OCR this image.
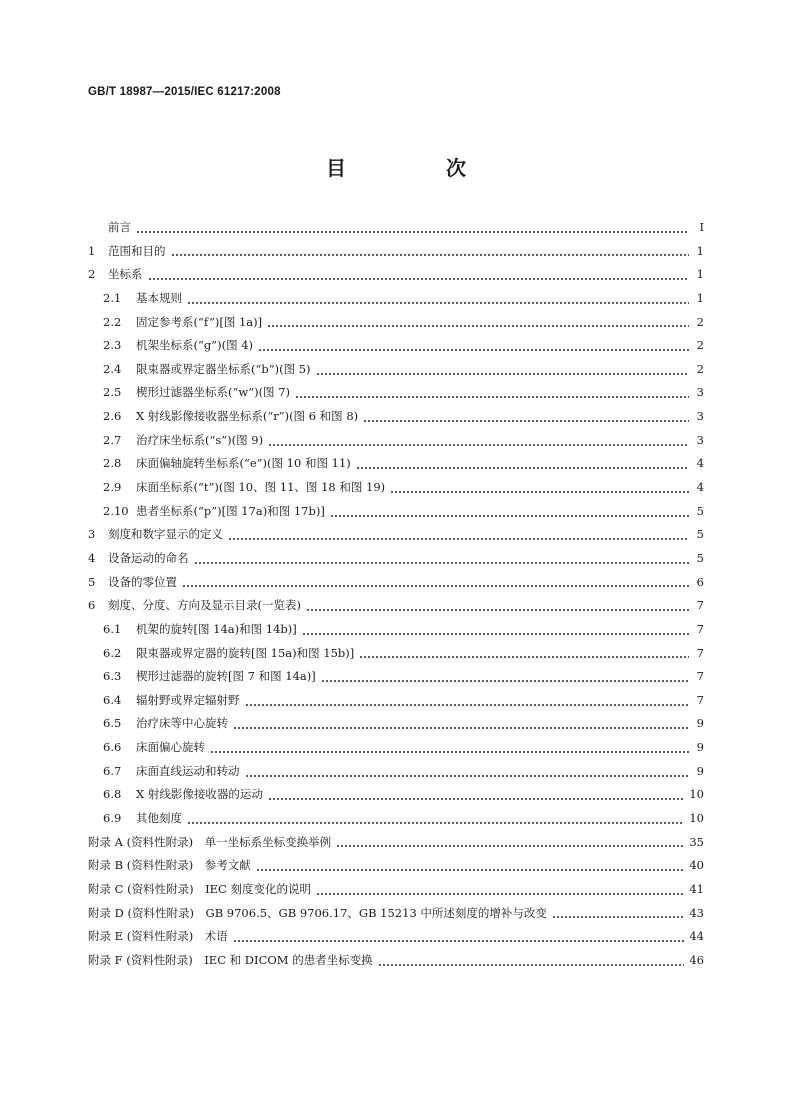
GB/T 18987—2015/IEC 61217:2008
目　次
前言	Ⅰ
1	范围和目的	1
2	坐标系	1
2.1	基本规则	1
2.2	固定参考系(“f”)[图 1a)]	2
2.3	机架坐标系(“g”)(图 4)	2
2.4	限束器或界定器坐标系(“b”)(图 5)	2
2.5	楔形过滤器坐标系(“w”)(图 7)	3
2.6	X 射线影像接收器坐标系(“r”)(图 6 和图 8)	3
2.7	治疗床坐标系(“s”)(图 9)	3
2.8	床面偏轴旋转坐标系(“e”)(图 10 和图 11)	4
2.9	床面坐标系(“t”)(图 10、图 11、图 18 和图 19)	4
2.10 患者坐标系(“p”)[图 17a)和图 17b)]	5
3	刻度和数字显示的定义	5
4	设备运动的命名	5
5	设备的零位置	6
6	刻度、分度、方向及显示目录(一览表)	7
6.1	机架的旋转[图 14a)和图 14b)]	7
6.2	限束器或界定器的旋转[图 15a)和图 15b)]	7
6.3	楔形过滤器的旋转[图 7 和图 14a)]	7
6.4	辐射野或界定辐射野	7
6.5	治疗床等中心旋转	9
6.6	床面偏心旋转	9
6.7	床面直线运动和转动	9
6.8	X 射线影像接收器的运动	10
6.9	其他刻度	10
附录 A (资料性附录)　单一坐标系坐标变换举例	35
附录 B (资料性附录)　参考文献	40
附录 C (资料性附录)　IEC 刻度变化的说明	41
附录 D (资料性附录)　GB 9706.5、GB 9706.17、GB 15213 中所述刻度的增补与改变	43
附录 E (资料性附录)　术语	44
附录 F (资料性附录)　IEC 和 DICOM 的患者坐标变换	46
